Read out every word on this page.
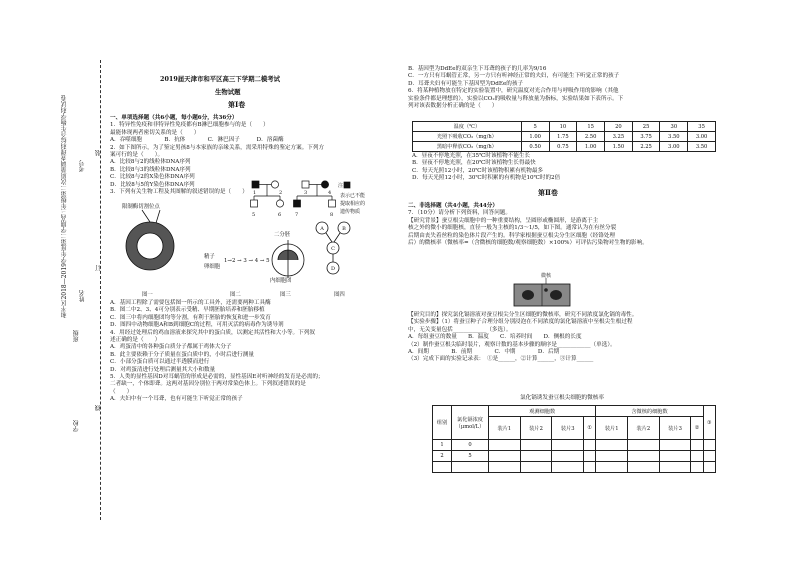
和平区2018—2019学年度第二学期高三年级第二次质量调查理科综合生物学科试卷	装
订
线
考号
姓名
班级
学校
2019届天津市和平区高三下学期二模考试
生物试题
第Ⅰ卷
一、单项选择题（共6小题，每小题6分，共36分）
1．特异性免疫和非特异性免疫都有B淋巴细胞参与的是（　　）
最能体现两者密切关系的是（　　）
A．吞噬细胞　　　　B．抗体　　　　C．淋巴因子　　　D．溶菌酶
2．如下图所示，为了鉴定男孩8与本家族的亲缘关系，需采用特殊的鉴定方案。下列方
案可行的是（　　）。
A．比较8与2的线粒体DNA序列
B．比较8与3的线粒体DNA序列
C．比较8与2的X染色体DNA序列
D．比较8与5的Y染色体DNA序列
3．下列有关生物工程及其图解的叙述错误的是（　　）	1	2	3	4
5	6	7	8
注：
表示已不能
提取相应的
遗传物质
限制酶切割位点
精子
卵细胞
1→2 → 3 → 4 → 5
二分胚
内细胞团
图一	图二	图三	图四
A	B
C
D
A．基因工程除了需要包括图一所示的工具外，还需要两种工具酶
B．图二中2、3、4可分别表示受精、早期胚胎培养和胚胎移植
C．图三中将内细胞团均等分割，有利于胚胎的恢复和进一步发育
D．图四中动物细胞A和B到细胞C的过程，可用灭活的病毒作为诱导剂
4．用经过处理后的鸡血溶液来探究其中的蛋白质，以测定其活性和大小等。下列叙
述正确的是（　　）
A．鸡蛋清中的各种蛋白质分子都属于鸡体大分子
B．此主要依赖于分子质量在蛋白质中的，小时后进行测量
C．小部分蛋白质可以通过半透膜而进行
D．对鸡蛋清进行处理后测量其大小和数量
5．人类的显性基因D对耳蜗管的形成是必需的，显性基因E对听神经的发育是必需的；
二者缺一，个体即聋。这两对基因分别位于两对常染色体上。下列叙述错误的是
（　　）
A．夫妇中有一个耳聋，也有可能生下听觉正常的孩子
B．基因型为DdEe的双亲生下耳聋的孩子的几率为9/16
C．一方只有耳蜗管正常，另一方只有听神经正常的夫妇，有可能生下听觉正常的孩子
D．耳聋夫妇有可能生下基因型为DdEe的孩子
6．将某种植物放在特定的实验装置中，研究温度对光合作用与呼吸作用的影响（其他
实验条件都是理想的），实验以CO₂的吸收量与释放量为指标，实验结果如下表所示。下
列对该表数据分析正确的是（　　）
温度（℃）	5	10	15	20	25	30	35
光照下吸收CO₂（mg/h）	1.00	1.75	2.50	3.25	3.75	3.50	3.00
黑暗中释放CO₂（mg/h）	0.50	0.75	1.00	1.50	2.25	3.00	3.50
A．昼夜不停地光照，在35℃时该植物不能生长
B．昼夜不停地光照，在20℃时该植物生长得最快
C．每天光照12小时，20℃时该植物积累有机物最多
D．每天光照12小时，30℃时积累的有机物是10℃时的2倍
第Ⅱ卷
二、非选择题（共4小题，共44分）
7．（10分）请分析下列资料，回答问题。
【研究背景】蚕豆根尖细胞中的一种重要结构，呈圆形或椭圆形，是游离于主
核之外的微小的细胞核，直径一般为主核的1/3～1/5，如下图。通常认为在有丝分裂
后期由丧失着丝粒的染色体片段产生的。科学家根据蚕豆根尖分生区细胞（经铬处理
后）的微核率（微核率=（含微核的细胞数/观察细胞数）×100%）可评估污染物对生物的影响。
微核
【研究目的】探究氯化镉溶液对蚕豆根尖分生区细胞的微核率，研究不同浓度氯化镉的毒性。
【实验步骤】（1）将蚕豆种子合理分组分别浸泡在不同浓度的氯化镉溶液中至根尖生根过程
中，无关变量包括____________（多选）。
A．每组蚕豆的数量　　B．温度　　C．培养时间　　D．侧根的长度
（2）制作蚕豆根尖临时装片，观察计数的基本步骤的顺序是____________（单选）。
A．间期　　　　B．前期　　　　C．中期　　　　D．后期
（3）完成下面的实验记录表：　①是______，②计算______，③计算______
氯化镉诱发蚕豆根尖细胞的微核率
组别	氯化镉浓度（μmol/L）	观测细胞数				含微核的细胞数				③
		装片1	装片2	装片3	①	装片1	装片2	装片3	②	
1	0									
2	5									
